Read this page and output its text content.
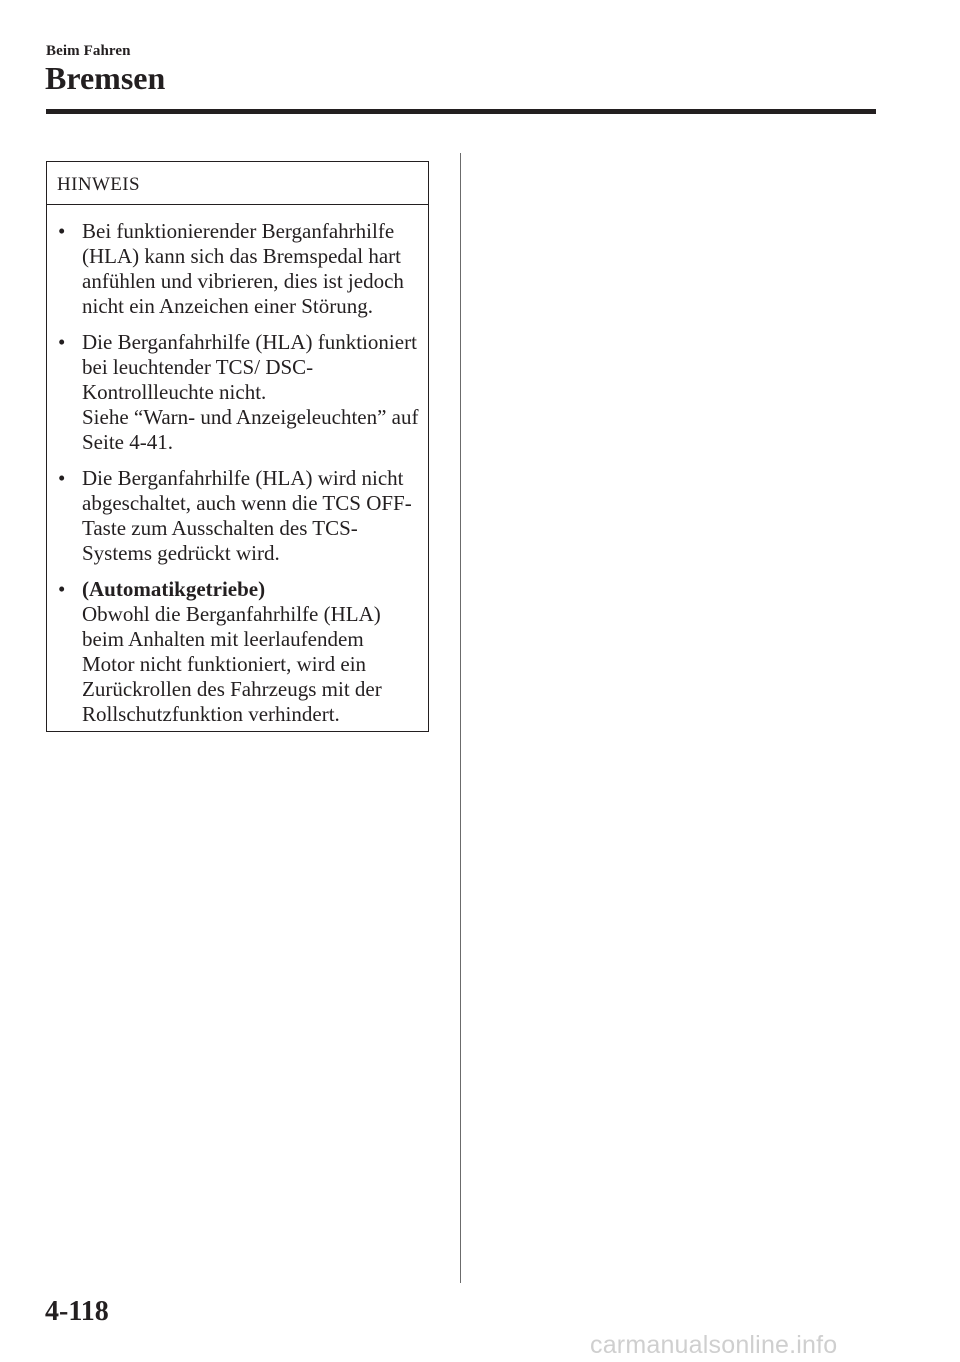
Beim Fahren
Bremsen
HINWEIS
• Bei funktionierender Berganfahrhilfe (HLA) kann sich das Bremspedal hart anfühlen und vibrieren, dies ist jedoch nicht ein Anzeichen einer Störung.
• Die Berganfahrhilfe (HLA) funktioniert bei leuchtender TCS/ DSC-Kontrollleuchte nicht.
Siehe “Warn- und Anzeigeleuchten” auf Seite 4-41.
• Die Berganfahrhilfe (HLA) wird nicht abgeschaltet, auch wenn die TCS OFF-Taste zum Ausschalten des TCS-Systems gedrückt wird.
• (Automatikgetriebe)
Obwohl die Berganfahrhilfe (HLA) beim Anhalten mit leerlaufendem Motor nicht funktioniert, wird ein Zurückrollen des Fahrzeugs mit der Rollschutzfunktion verhindert.
4-118
carmanualsonline.info
